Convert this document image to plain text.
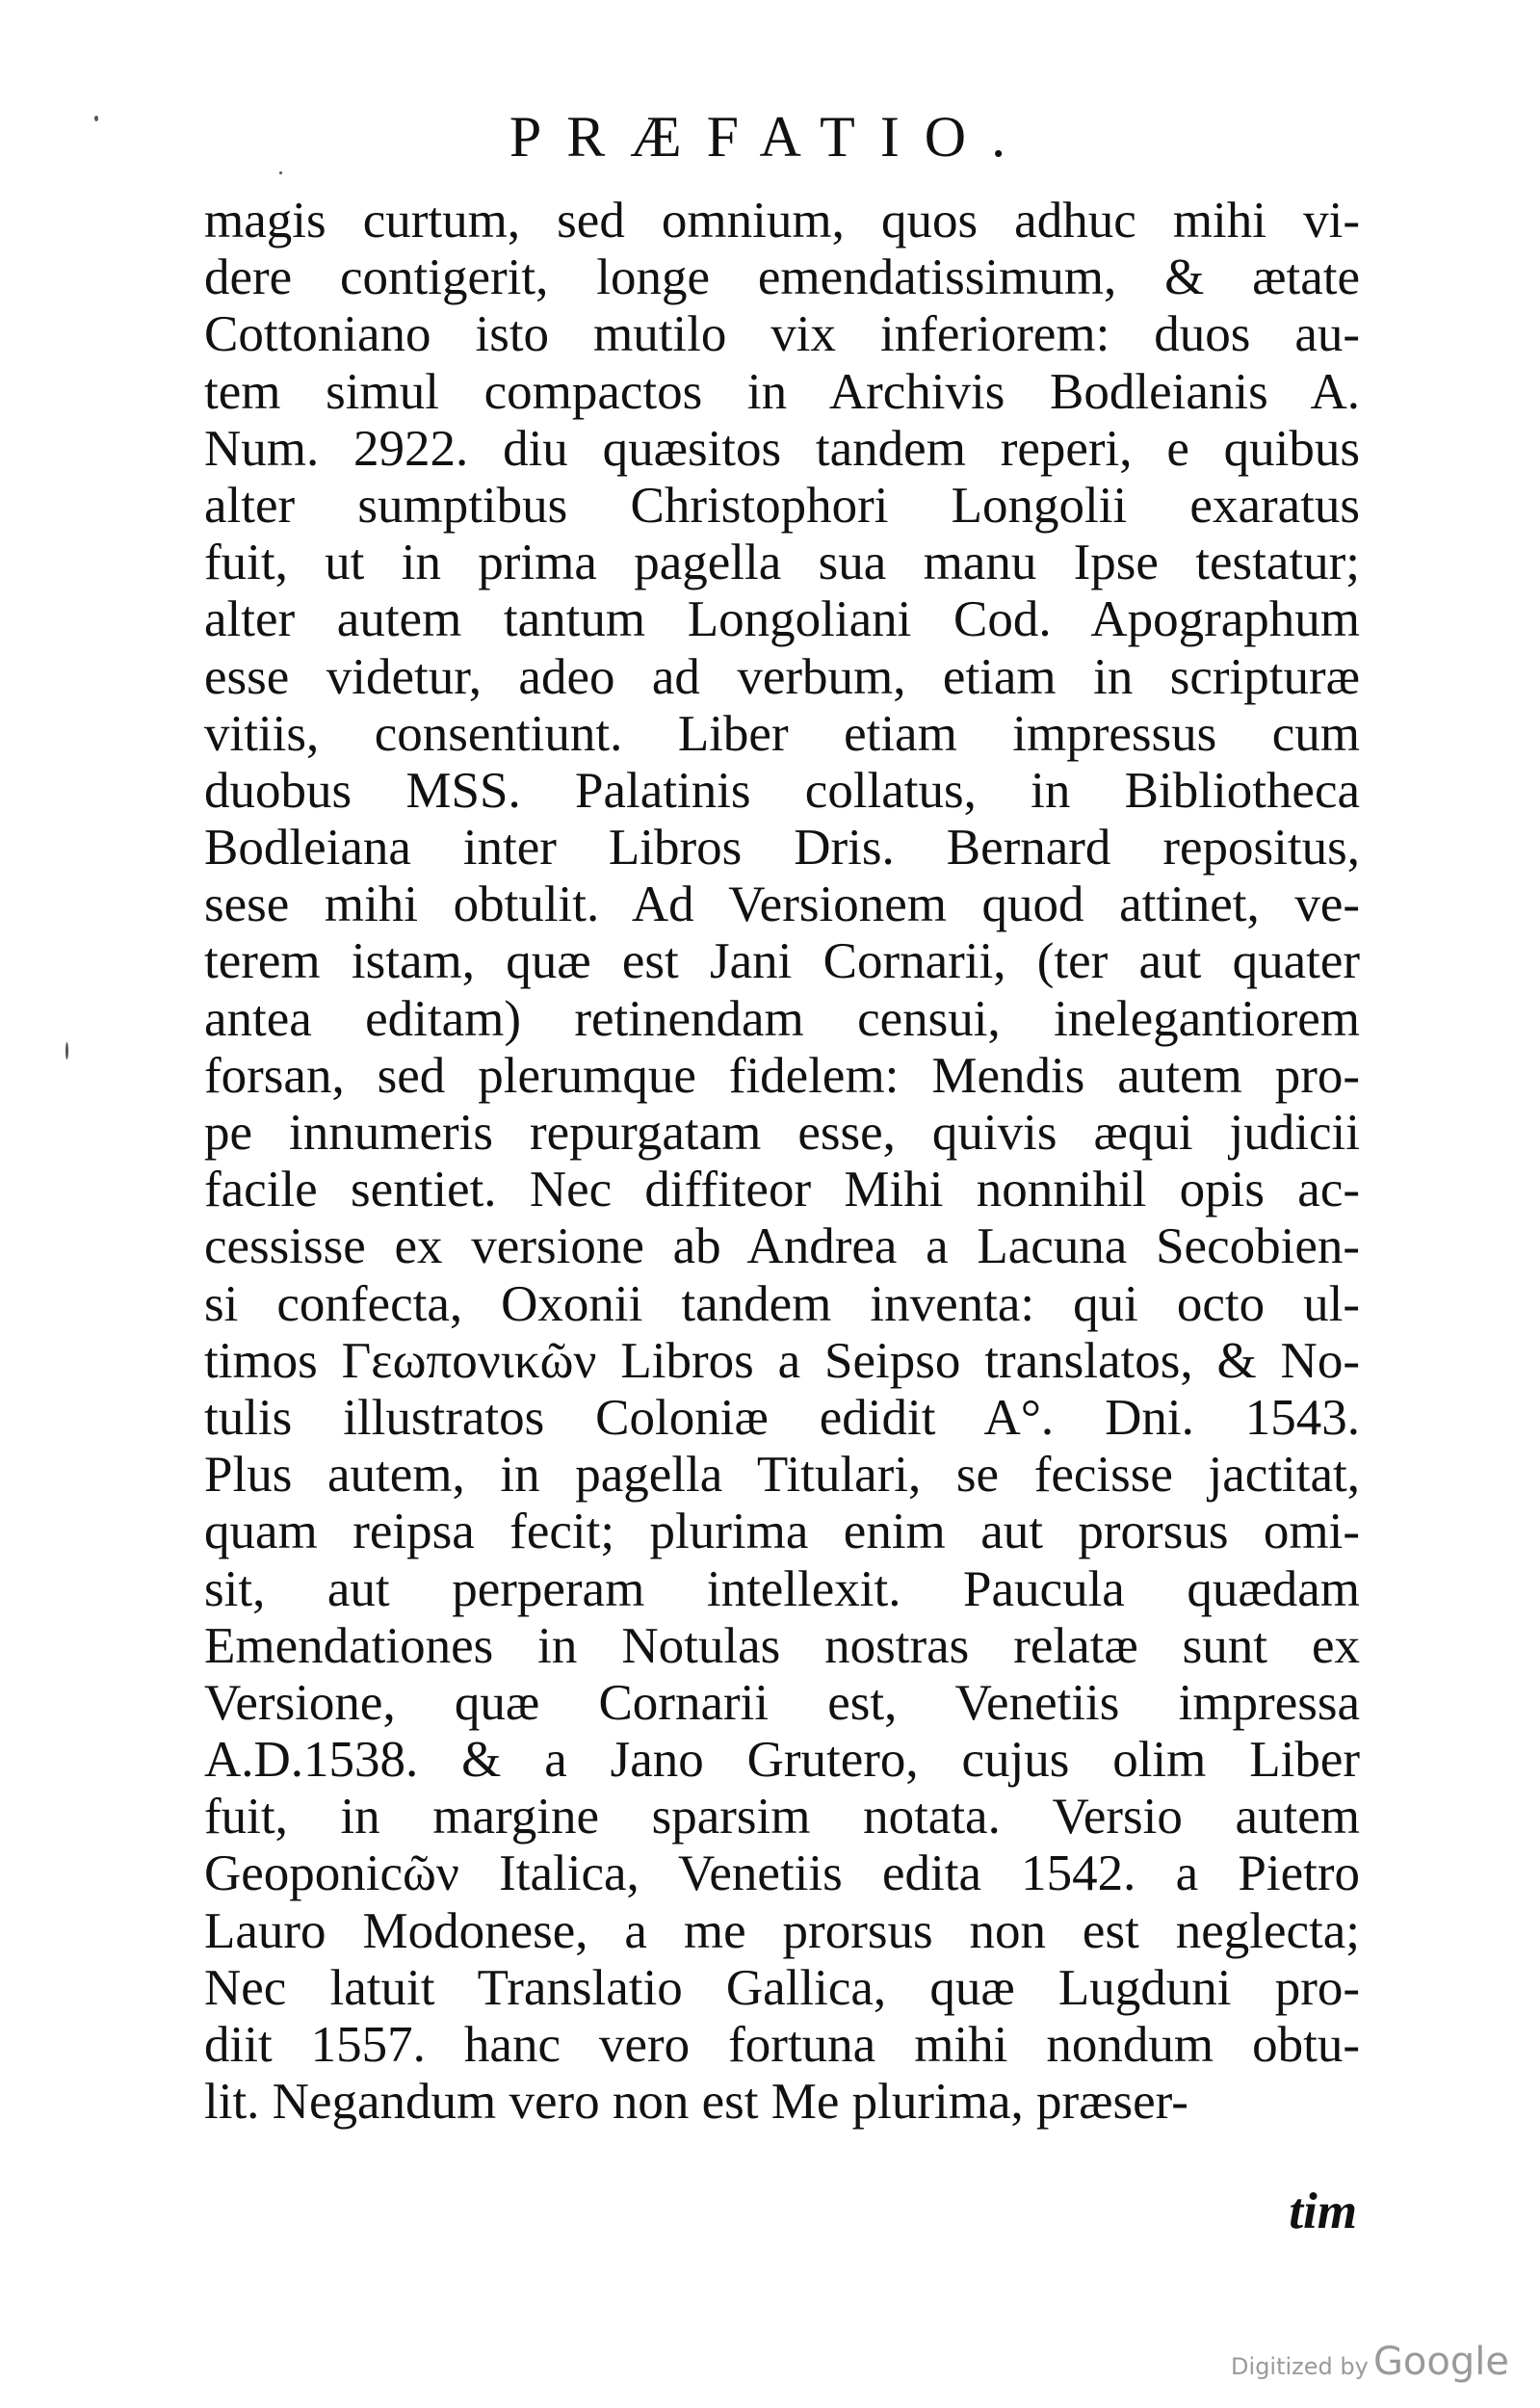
PRÆFATIO.
magis curtum, sed omnium, quos adhuc mihi vi-
dere contigerit, longe emendatissimum, & ætate
Cottoniano isto mutilo vix inferiorem: duos au-
tem simul compactos in Archivis Bodleianis A.
Num. 2922. diu quæsitos tandem reperi, e quibus
alter sumptibus Christophori Longolii exaratus
fuit, ut in prima pagella sua manu Ipse testatur;
alter autem tantum Longoliani Cod. Apographum
esse videtur, adeo ad verbum, etiam in scripturæ
vitiis, consentiunt. Liber etiam impressus cum
duobus MSS. Palatinis collatus, in Bibliotheca
Bodleiana inter Libros Dris. Bernard repositus,
sese mihi obtulit. Ad Versionem quod attinet, ve-
terem istam, quæ est Jani Cornarii, (ter aut quater
antea editam) retinendam censui, inelegantiorem
forsan, sed plerumque fidelem: Mendis autem pro-
pe innumeris repurgatam esse, quivis æqui judicii
facile sentiet. Nec diffiteor Mihi nonnihil opis ac-
cessisse ex versione ab Andrea a Lacuna Secobien-
si confecta, Oxonii tandem inventa: qui octo ul-
timos Γεωπονικῶν Libros a Seipso translatos, & No-
tulis illustratos Coloniæ edidit A°. Dni. 1543.
Plus autem, in pagella Titulari, se fecisse jactitat,
quam reipsa fecit; plurima enim aut prorsus omi-
sit, aut perperam intellexit. Paucula quædam
Emendationes in Notulas nostras relatæ sunt ex
Versione, quæ Cornarii est, Venetiis impressa
A.D.1538. & a Jano Grutero, cujus olim Liber
fuit, in margine sparsim notata. Versio autem
Geoponicῶν Italica, Venetiis edita 1542. a Pietro
Lauro Modonese, a me prorsus non est neglecta;
Nec latuit Translatio Gallica, quæ Lugduni pro-
diit 1557. hanc vero fortuna mihi nondum obtu-
lit. Negandum vero non est Me plurima, præser-
tim
Digitized by Google
